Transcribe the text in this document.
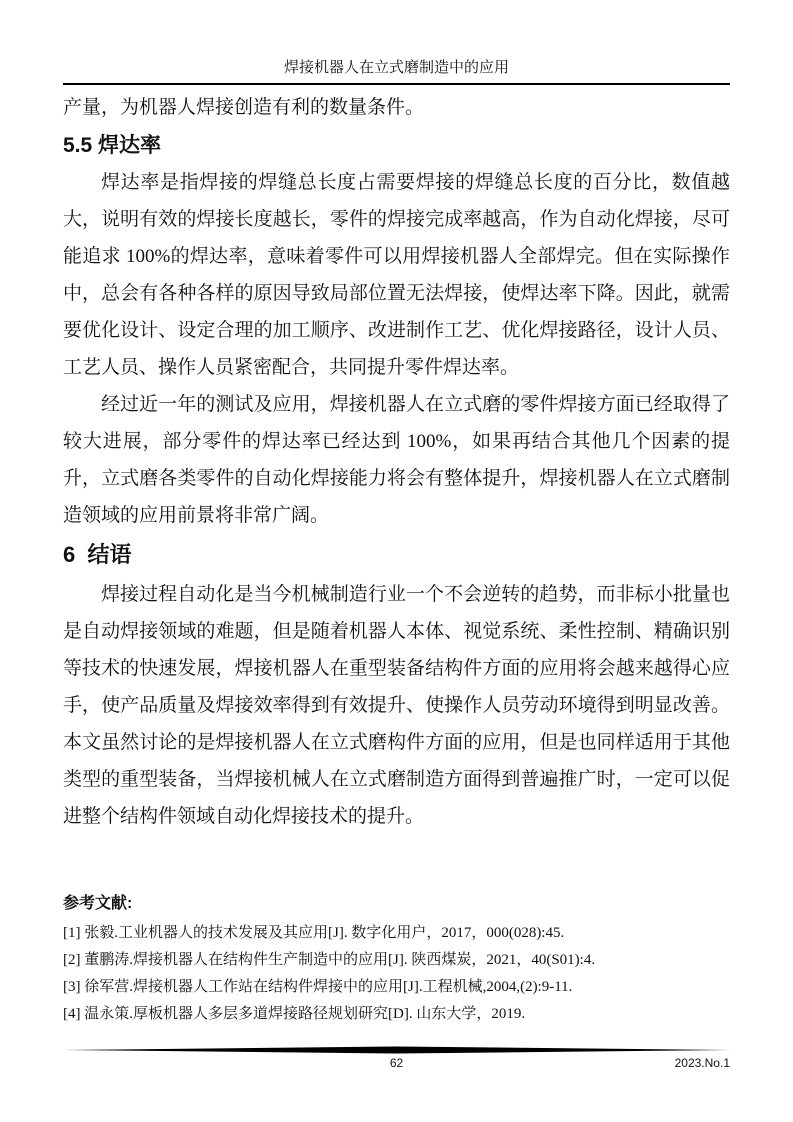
焊接机器人在立式磨制造中的应用
产量，为机器人焊接创造有利的数量条件。
5.5 焊达率
焊达率是指焊接的焊缝总长度占需要焊接的焊缝总长度的百分比，数值越大，说明有效的焊接长度越长，零件的焊接完成率越高，作为自动化焊接，尽可能追求 100%的焊达率，意味着零件可以用焊接机器人全部焊完。但在实际操作中，总会有各种各样的原因导致局部位置无法焊接，使焊达率下降。因此，就需要优化设计、设定合理的加工顺序、改进制作工艺、优化焊接路径，设计人员、工艺人员、操作人员紧密配合，共同提升零件焊达率。
经过近一年的测试及应用，焊接机器人在立式磨的零件焊接方面已经取得了较大进展，部分零件的焊达率已经达到 100%，如果再结合其他几个因素的提升，立式磨各类零件的自动化焊接能力将会有整体提升，焊接机器人在立式磨制造领域的应用前景将非常广阔。
6  结语
焊接过程自动化是当今机械制造行业一个不会逆转的趋势，而非标小批量也是自动焊接领域的难题，但是随着机器人本体、视觉系统、柔性控制、精确识别等技术的快速发展，焊接机器人在重型装备结构件方面的应用将会越来越得心应手，使产品质量及焊接效率得到有效提升、使操作人员劳动环境得到明显改善。本文虽然讨论的是焊接机器人在立式磨构件方面的应用，但是也同样适用于其他类型的重型装备，当焊接机械人在立式磨制造方面得到普遍推广时，一定可以促进整个结构件领域自动化焊接技术的提升。
参考文献:
[1] 张毅.工业机器人的技术发展及其应用[J]. 数字化用户，2017，000(028):45.
[2] 董鹏涛.焊接机器人在结构件生产制造中的应用[J]. 陕西煤炭，2021，40(S01):4.
[3] 徐军营.焊接机器人工作站在结构件焊接中的应用[J].工程机械,2004,(2):9-11.
[4] 温永策.厚板机器人多层多道焊接路径规划研究[D]. 山东大学，2019.
62	2023.No.1
